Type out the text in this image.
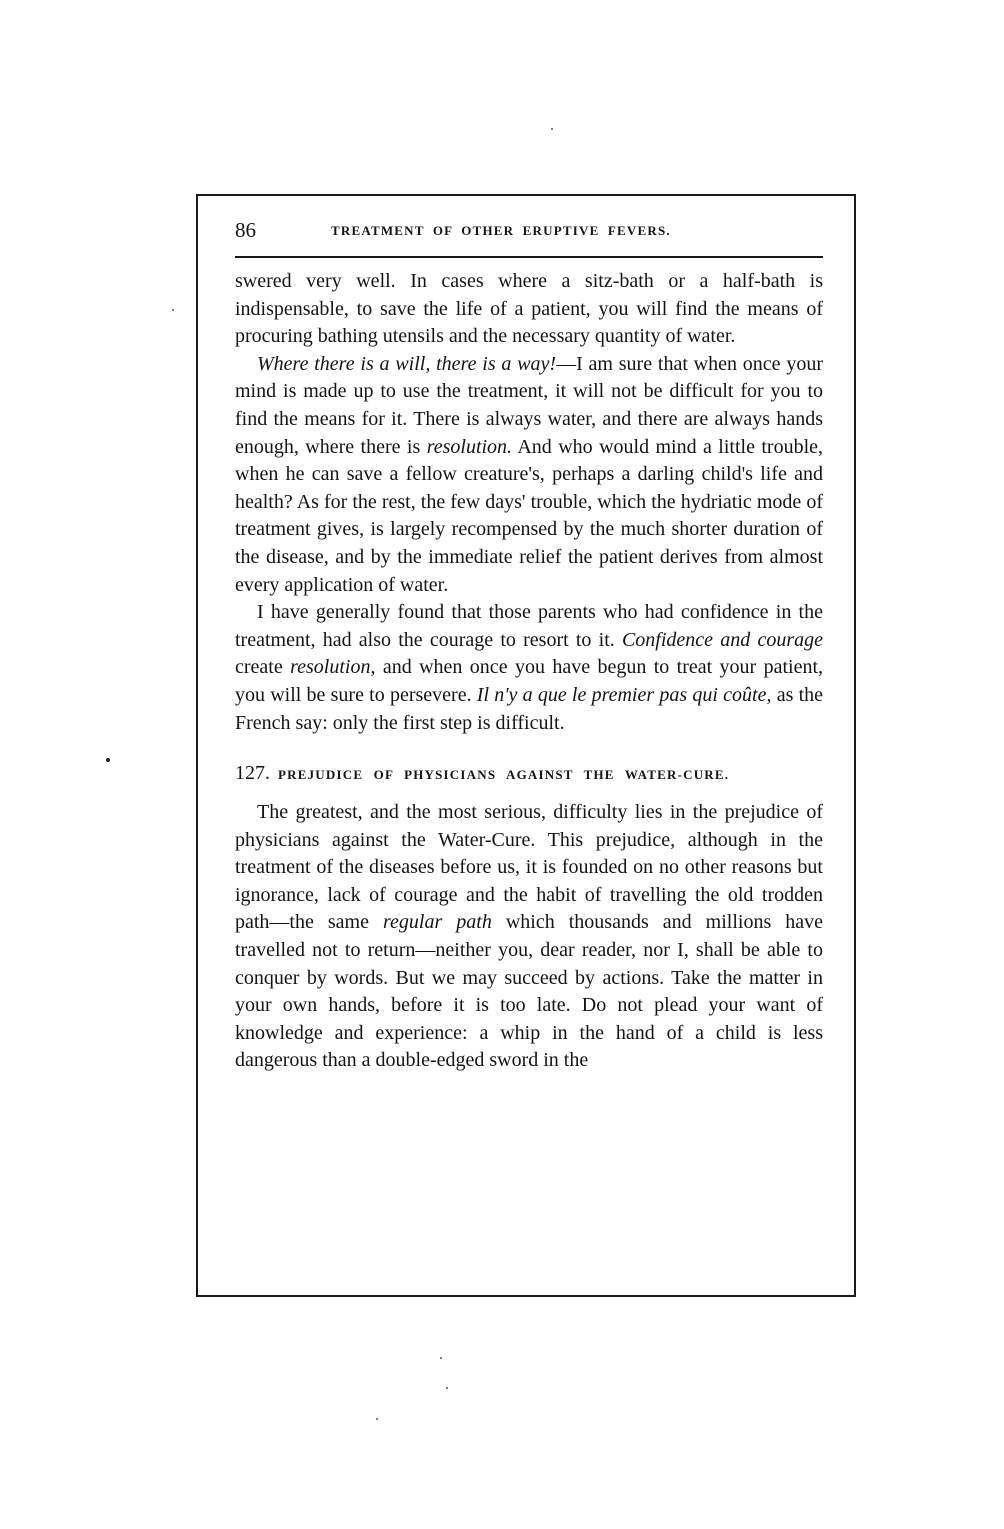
86	TREATMENT OF OTHER ERUPTIVE FEVERS.

swered very well. In cases where a sitz-bath or a half-bath is indispensable, to save the life of a patient, you will find the means of procuring bathing utensils and the necessary quantity of water.

Where there is a will, there is a way!—I am sure that when once your mind is made up to use the treatment, it will not be difficult for you to find the means for it. There is always water, and there are always hands enough, where there is resolution. And who would mind a little trouble, when he can save a fellow creature's, perhaps a darling child's life and health? As for the rest, the few days' trouble, which the hydriatic mode of treatment gives, is largely recompensed by the much shorter duration of the disease, and by the immediate relief the patient derives from almost every application of water.

I have generally found that those parents who had confidence in the treatment, had also the courage to resort to it. Confidence and courage create resolution, and when once you have begun to treat your patient, you will be sure to persevere. Il n'y a que le premier pas qui coûte, as the French say: only the first step is difficult.

127. PREJUDICE OF PHYSICIANS AGAINST THE WATER-CURE.

The greatest, and the most serious, difficulty lies in the prejudice of physicians against the Water-Cure. This prejudice, although in the treatment of the diseases before us, it is founded on no other reasons but ignorance, lack of courage and the habit of travelling the old trodden path—the same regular path which thousands and millions have travelled not to return—neither you, dear reader, nor I, shall be able to conquer by words. But we may succeed by actions. Take the matter in your own hands, before it is too late. Do not plead your want of knowledge and experience: a whip in the hand of a child is less dangerous than a double-edged sword in the
